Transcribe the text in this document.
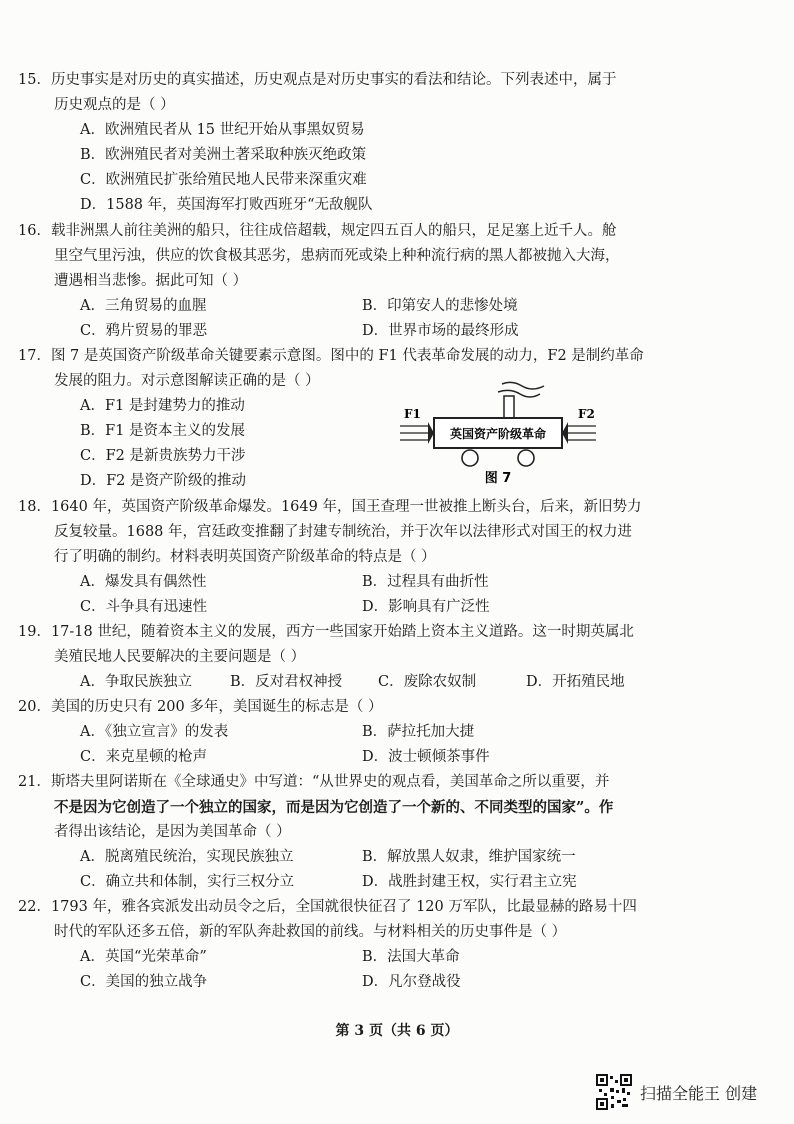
15．历史事实是对历史的真实描述，历史观点是对历史事实的看法和结论。下列表述中，属于
历史观点的是（ ）
A．欧洲殖民者从 15 世纪开始从事黑奴贸易
B．欧洲殖民者对美洲土著采取种族灭绝政策
C．欧洲殖民扩张给殖民地人民带来深重灾难
D．1588 年，英国海军打败西班牙“无敌舰队
16．载非洲黑人前往美洲的船只，往往成倍超载，规定四五百人的船只，足足塞上近千人。舱
里空气里污浊，供应的饮食极其恶劣，患病而死或染上种种流行病的黑人都被抛入大海，
遭遇相当悲惨。据此可知（ ）
A．三角贸易的血腥	B．印第安人的悲惨处境
C．鸦片贸易的罪恶	D．世界市场的最终形成
17．图 7 是英国资产阶级革命关键要素示意图。图中的 F1 代表革命发展的动力，F2 是制约革命
发展的阻力。对示意图解读正确的是（ ）
A．F1 是封建势力的推动
B．F1 是资本主义的发展
C．F2 是新贵族势力干涉
D．F2 是资产阶级的推动
F1	F2
英国资产阶级革命
图 7
18．1640 年，英国资产阶级革命爆发。1649 年，国王查理一世被推上断头台，后来，新旧势力
反复较量。1688 年，宫廷政变推翻了封建专制统治，并于次年以法律形式对国王的权力进
行了明确的制约。材料表明英国资产阶级革命的特点是（ ）
A．爆发具有偶然性	B．过程具有曲折性
C．斗争具有迅速性	D．影响具有广泛性
19．17-18 世纪，随着资本主义的发展，西方一些国家开始踏上资本主义道路。这一时期英属北
美殖民地人民要解决的主要问题是（ ）
A．争取民族独立	B．反对君权神授 C．废除农奴制	D．开拓殖民地
20．美国的历史只有 200 多年，美国诞生的标志是（ ）
A．《独立宣言》的发表	B．萨拉托加大捷
C．来克星顿的枪声	D．波士顿倾茶事件
21．斯塔夫里阿诺斯在《全球通史》中写道：“从世界史的观点看，美国革命之所以重要，并
不是因为它创造了一个独立的国家，而是因为它创造了一个新的、不同类型的国家”。作
者得出该结论，是因为美国革命（ ）
A．脱离殖民统治，实现民族独立	B．解放黑人奴隶，维护国家统一
C．确立共和体制，实行三权分立	D．战胜封建王权，实行君主立宪
22．1793 年，雅各宾派发出动员令之后，全国就很快征召了 120 万军队，比最显赫的路易十四
时代的军队还多五倍，新的军队奔赴救国的前线。与材料相关的历史事件是（ ）
A．英国“光荣革命”	B．法国大革命
C．美国的独立战争	D．凡尔登战役
第 3 页（共 6 页）
扫描全能王 创建
